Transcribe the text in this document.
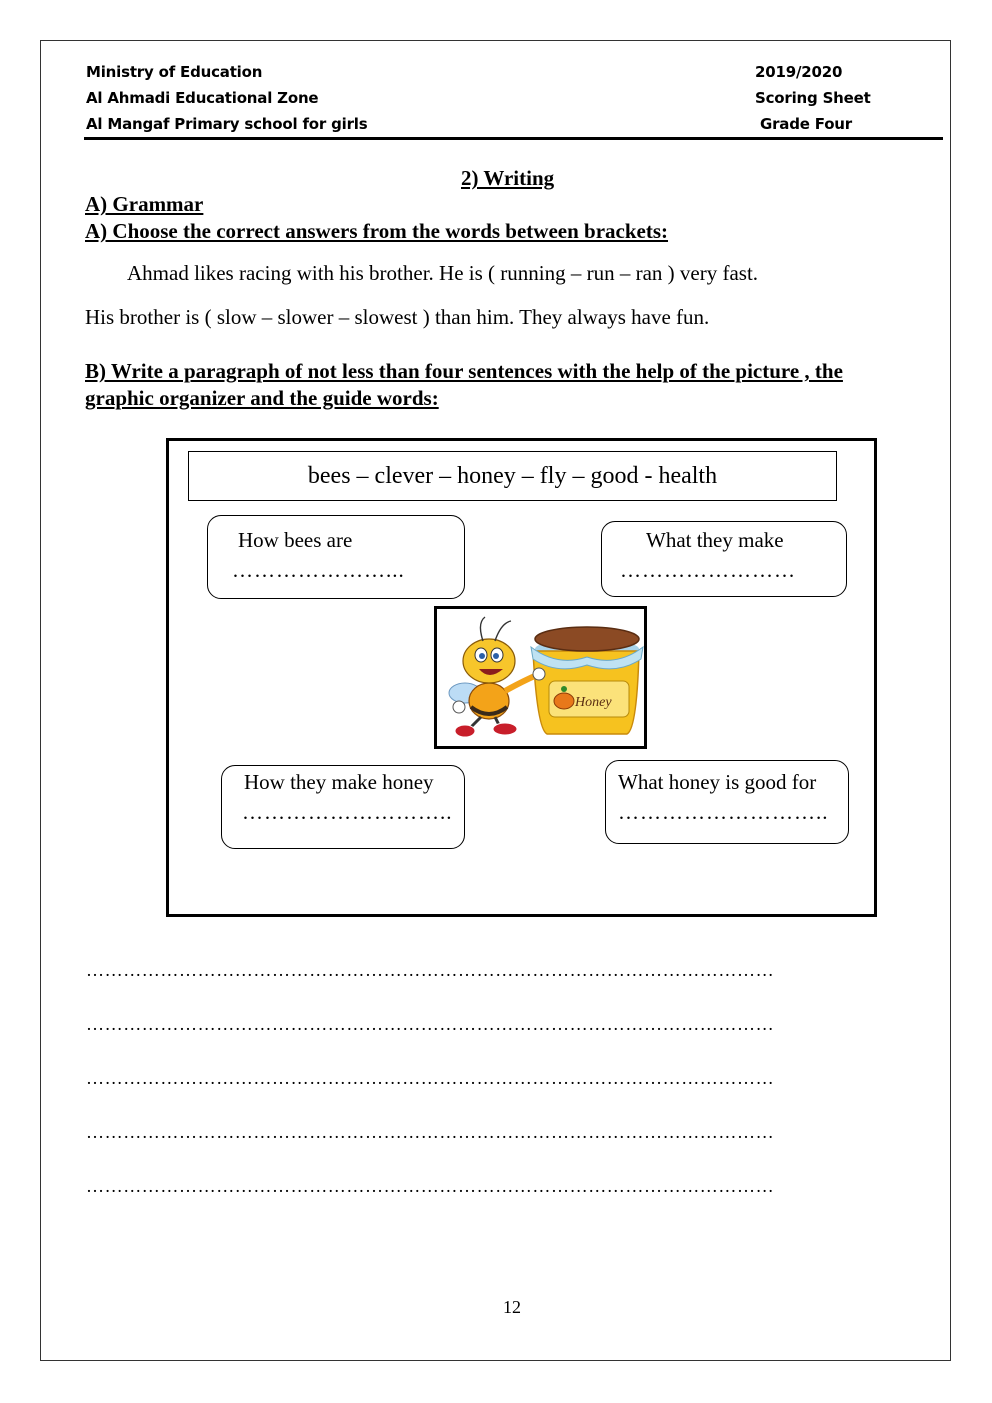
Ministry of Education
Al Ahmadi Educational Zone
Al Mangaf Primary school for girls
2019/2020
Scoring Sheet
Grade Four
2) Writing
A) Grammar
A) Choose the correct answers from the words between brackets:
Ahmad likes racing with his brother. He is ( running – run – ran ) very fast.
His brother is ( slow – slower – slowest ) than him. They always have fun.
B) Write a paragraph of not less than four sentences with the help of the picture , the
graphic organizer and the guide words:
bees – clever – honey – fly – good - health
How bees are
…………………...
What they make
……………………
How they make honey
………………………..
What honey is good for
………………………..
Honey
…………………………………………………………………………………………………
…………………………………………………………………………………………………
…………………………………………………………………………………………………
…………………………………………………………………………………………………
…………………………………………………………………………………………………
12
